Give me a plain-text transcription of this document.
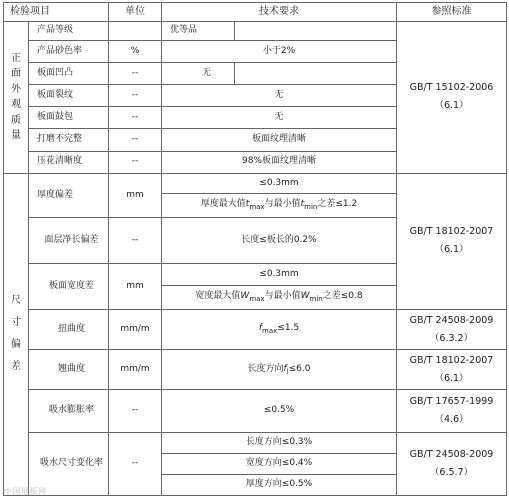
检验项目		单位	技术要求		参照标准
正面外观质量	产品等级		优等品		GB/T 15102-2006
（6.1）
	产品砂色率	%	小于2%		
	板面凹凸	--	无		
	板面裂纹	--	无		
	板面鼓包	--	无		
	打磨不完整	--	板面纹理清晰		
	压花清晰度	--	98%板面纹理清晰		
尺寸偏差	厚度偏差	mm	≤0.3mm		GB/T 18102-2007（6.1）
			厚度最大值$t_{max}$与最小值$t_{min}$之差≤1.2		
	面层净长偏差	--	长度≤板长的0.2%		
	板面宽度差	mm	≤0.3mm		
			宽度最大值$W_{max}$与最小值$W_{min}$之差≤0.8		
	扭曲度	mm/m	$f_{max}\le 1.5$		GB/T 24508-2009（6.3.2）
	翘曲度	mm/m	长度方向$f_l\le 6.0$		GB/T 18102-2007
（6.1）
	吸水膨胀率	--	≤0.5%		GB/T 17657-1999
（4.6）
	吸水尺寸变化率	--	长度方向≤0.3%		GB/T 24508-2009
（6.5.7）
			宽度方向≤0.4%		
			厚度方向≤0.5%		
中国地板网
